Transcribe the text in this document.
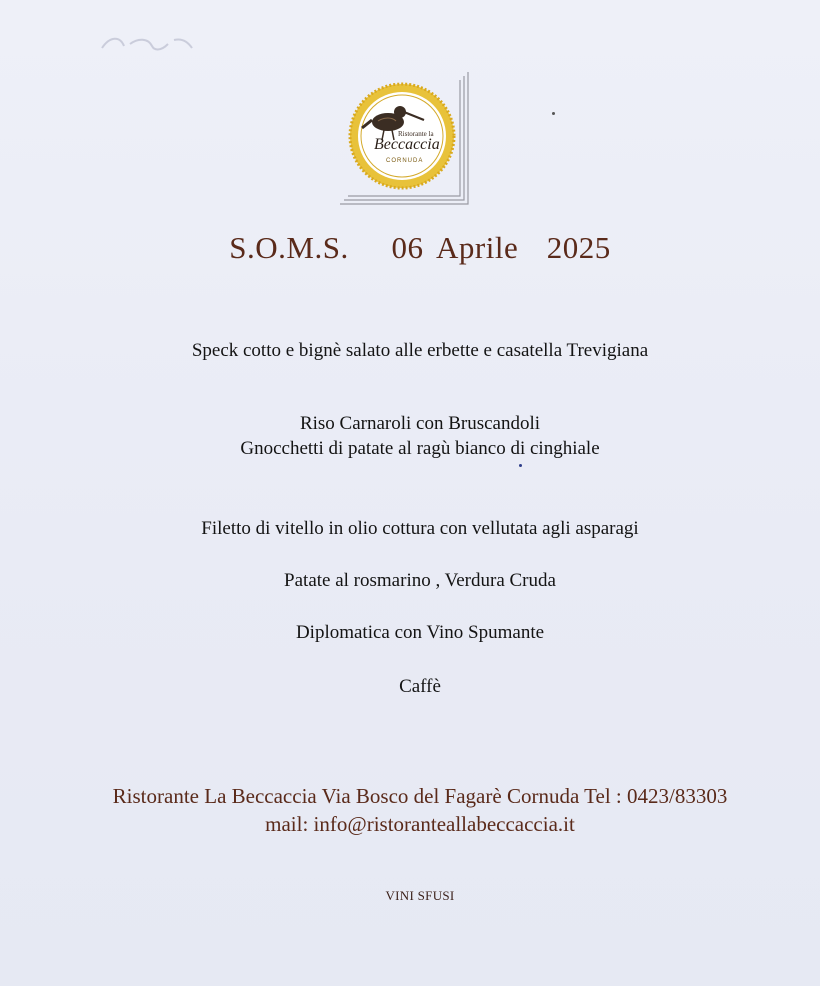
Ristorante la
Beccaccia
CORNUDA
S.O.M.S.   06 Aprile  2025
Speck cotto e bignè salato alle erbette e casatella Trevigiana
Riso Carnaroli con Bruscandoli
Gnocchetti di patate al ragù bianco di cinghiale
Filetto di vitello in olio cottura con vellutata agli asparagi
Patate al rosmarino , Verdura Cruda
Diplomatica con Vino Spumante
Caffè
Ristorante La Beccaccia Via Bosco del Fagarè Cornuda Tel : 0423/83303
mail: info@ristoranteallabeccaccia.it
VINI SFUSI
